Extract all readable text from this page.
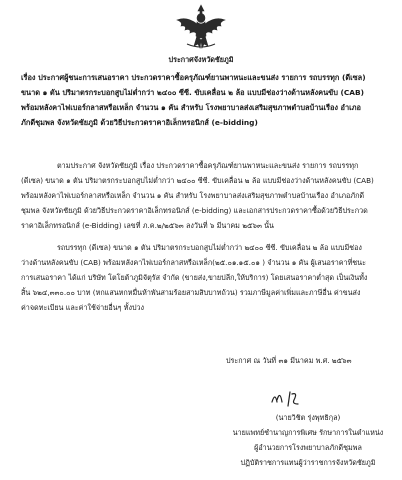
ประกาศจังหวัดชัยภูมิ
เรื่อง ประกาศผู้ชนะการเสนอราคา ประกวดราคาซื้อครุภัณฑ์ยานพาหนะและขนส่ง รายการ รถบรรทุก (ดีเซล)
ขนาด ๑ ตัน ปริมาตรกระบอกสูบไม่ต่ำกว่า ๒๔๐๐ ซีซี. ขับเคลื่อน ๒ ล้อ แบบมีช่องว่างด้านหลังคนขับ (CAB)
พร้อมหลังคาไฟเบอร์กลาสหรือเหล็ก จำนวน ๑ คัน สำหรับ โรงพยาบาลส่งเสริมสุขภาพตำบลบ้านเรือง อำเภอ
ภักดีชุมพล จังหวัดชัยภูมิ ด้วยวิธีประกวดราคาอิเล็กทรอนิกส์ (e-bidding)
ตามประกาศ จังหวัดชัยภูมิ เรื่อง ประกวดราคาซื้อครุภัณฑ์ยานพาหนะและขนส่ง รายการ รถบรรทุก
(ดีเซล) ขนาด ๑ ตัน ปริมาตรกระบอกสูบไม่ต่ำกว่า ๒๔๐๐ ซีซี. ขับเคลื่อน ๒ ล้อ แบบมีช่องว่างด้านหลังคนขับ (CAB)
พร้อมหลังคาไฟเบอร์กลาสหรือเหล็ก จำนวน ๑ คัน สำหรับ โรงพยาบาลส่งเสริมสุขภาพตำบลบ้านเรือง อำเภอภักดี
ชุมพล จังหวัดชัยภูมิ ด้วยวิธีประกวดราคาอิเล็กทรอนิกส์ (e-bidding) และเอกสารประกวดราคาซื้อด้วยวิธีประกวด
ราคาอิเล็กทรอนิกส์ (e-Bidding) เลขที่ ภ.ค.๒/๒๕๖๓ ลงวันที่ ๖ มีนาคม ๒๕๖๓ นั้น
รถบรรทุก (ดีเซล) ขนาด ๑ ตัน ปริมาตรกระบอกสูบไม่ต่ำกว่า ๒๔๐๐ ซีซี. ขับเคลื่อน ๒ ล้อ แบบมีช่อง
ว่างด้านหลังคนขับ (CAB) พร้อมหลังคาไฟเบอร์กลาสหรือเหล็ก(๒๕.๐๑.๑๕.๐๑ ) จำนวน ๑ คัน ผู้เสนอราคาที่ชนะ
การเสนอราคา ได้แก่ บริษัท โตโยต้าภูมิจัตุรัส จำกัด (ขายส่ง,ขายปลีก,ให้บริการ) โดยเสนอราคาต่ำสุด เป็นเงินทั้ง
สิ้น ๖๒๔,๓๓๐.๐๐ บาท (หกแสนหกหมื่นห้าพันสามร้อยสามสิบบาทถ้วน) รวมภาษีมูลค่าเพิ่มและภาษีอื่น ค่าขนส่ง
ค่าจดทะเบียน และค่าใช้จ่ายอื่นๆ ทั้งปวง
ประกาศ ณ วันที่ ๓๑ มีนาคม พ.ศ. ๒๕๖๓
(นายวิชิต รุ่งพุทธิกุล)
นายแพทย์ชำนาญการพิเศษ รักษาการในตำแหน่ง
ผู้อำนวยการโรงพยาบาลภักดีชุมพล
ปฏิบัติราชการแทนผู้ว่าราชการจังหวัดชัยภูมิ
